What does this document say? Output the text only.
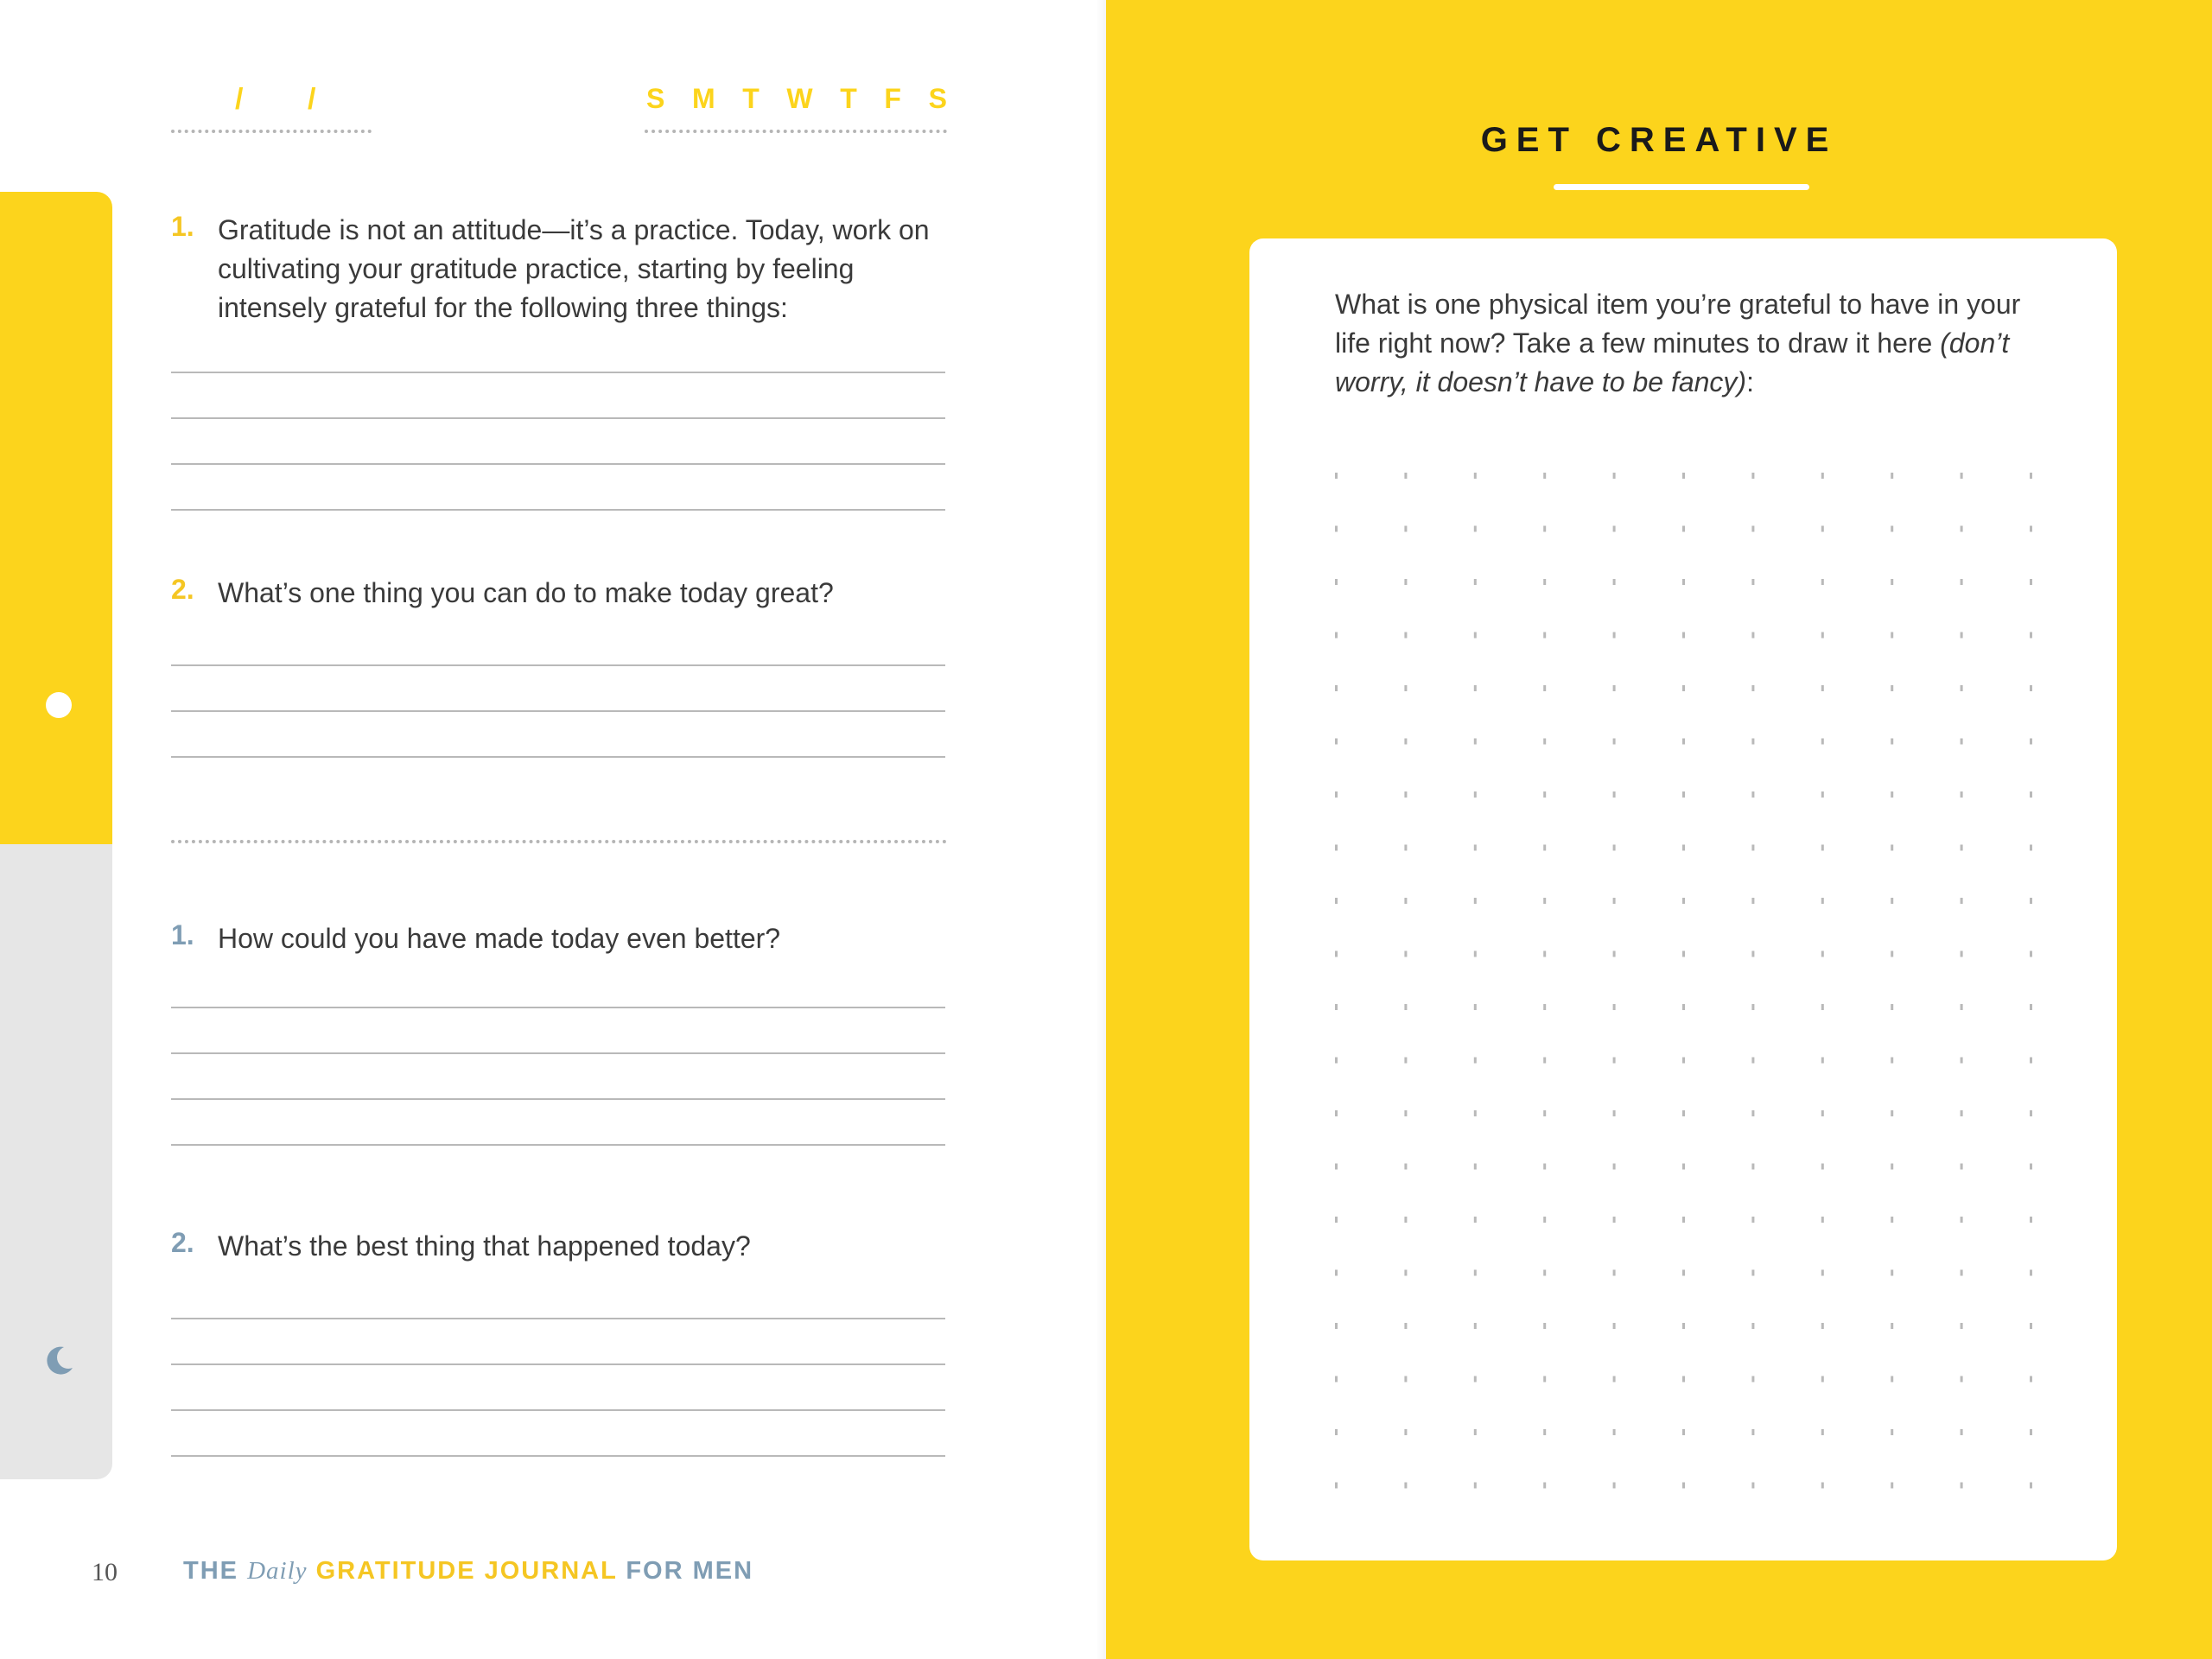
/ /	S M T W T F S
1. Gratitude is not an attitude—it’s a practice. Today, work on cultivating your gratitude practice, starting by feeling intensely grateful for the following three things:
2. What’s one thing you can do to make today great?
1. How could you have made today even better?
2. What’s the best thing that happened today?
10	THE Daily GRATITUDE JOURNAL FOR MEN
GET CREATIVE
What is one physical item you’re grateful to have in your life right now? Take a few minutes to draw it here (don’t worry, it doesn’t have to be fancy):
